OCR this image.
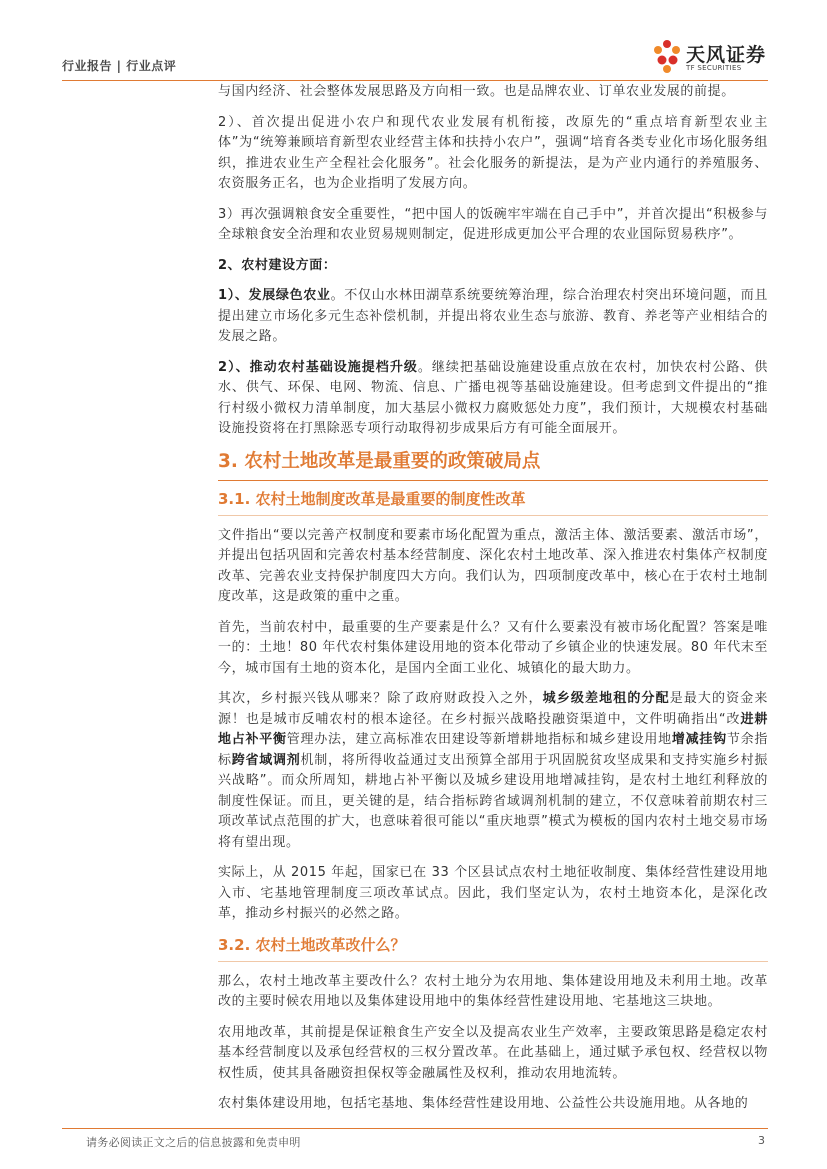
行业报告 | 行业点评	天风证券
TF SECURITIES

与国内经济、社会整体发展思路及方向相一致。也是品牌农业、订单农业发展的前提。

2）、首次提出促进小农户和现代农业发展有机衔接，改原先的“重点培育新型农业主体”为“统筹兼顾培育新型农业经营主体和扶持小农户”，强调“培育各类专业化市场化服务组织，推进农业生产全程社会化服务”。社会化服务的新提法，是为产业内通行的养殖服务、农资服务正名，也为企业指明了发展方向。

3）再次强调粮食安全重要性，“把中国人的饭碗牢牢端在自己手中”，并首次提出“积极参与全球粮食安全治理和农业贸易规则制定，促进形成更加公平合理的农业国际贸易秩序”。

2、农村建设方面：

1）、发展绿色农业。不仅山水林田湖草系统要统筹治理，综合治理农村突出环境问题，而且提出建立市场化多元生态补偿机制，并提出将农业生态与旅游、教育、养老等产业相结合的发展之路。

2）、推动农村基础设施提档升级。继续把基础设施建设重点放在农村，加快农村公路、供水、供气、环保、电网、物流、信息、广播电视等基础设施建设。但考虑到文件提出的“推行村级小微权力清单制度，加大基层小微权力腐败惩处力度”，我们预计，大规模农村基础设施投资将在打黑除恶专项行动取得初步成果后方有可能全面展开。

3. 农村土地改革是最重要的政策破局点
3.1. 农村土地制度改革是最重要的制度性改革

文件指出“要以完善产权制度和要素市场化配置为重点，激活主体、激活要素、激活市场”，并提出包括巩固和完善农村基本经营制度、深化农村土地改革、深入推进农村集体产权制度改革、完善农业支持保护制度四大方向。我们认为，四项制度改革中，核心在于农村土地制度改革，这是政策的重中之重。

首先，当前农村中，最重要的生产要素是什么？又有什么要素没有被市场化配置？答案是唯一的：土地！80 年代农村集体建设用地的资本化带动了乡镇企业的快速发展。80 年代末至今，城市国有土地的资本化，是国内全面工业化、城镇化的最大助力。

其次，乡村振兴钱从哪来？除了政府财政投入之外，城乡级差地租的分配是最大的资金来源！也是城市反哺农村的根本途径。在乡村振兴战略投融资渠道中，文件明确指出“改进耕地占补平衡管理办法，建立高标准农田建设等新增耕地指标和城乡建设用地增减挂钩节余指标跨省域调剂机制，将所得收益通过支出预算全部用于巩固脱贫攻坚成果和支持实施乡村振兴战略”。而众所周知，耕地占补平衡以及城乡建设用地增减挂钩，是农村土地红利释放的制度性保证。而且，更关键的是，结合指标跨省域调剂机制的建立，不仅意味着前期农村三项改革试点范围的扩大，也意味着很可能以“重庆地票”模式为模板的国内农村土地交易市场将有望出现。

实际上，从 2015 年起，国家已在 33 个区县试点农村土地征收制度、集体经营性建设用地入市、宅基地管理制度三项改革试点。因此，我们坚定认为，农村土地资本化，是深化改革，推动乡村振兴的必然之路。

3.2. 农村土地改革改什么？

那么，农村土地改革主要改什么？农村土地分为农用地、集体建设用地及未利用土地。改革改的主要时候农用地以及集体建设用地中的集体经营性建设用地、宅基地这三块地。

农用地改革，其前提是保证粮食生产安全以及提高农业生产效率，主要政策思路是稳定农村基本经营制度以及承包经营权的三权分置改革。在此基础上，通过赋予承包权、经营权以物权性质，使其具备融资担保权等金融属性及权利，推动农用地流转。

农村集体建设用地，包括宅基地、集体经营性建设用地、公益性公共设施用地。从各地的

请务必阅读正文之后的信息披露和免责申明	3
